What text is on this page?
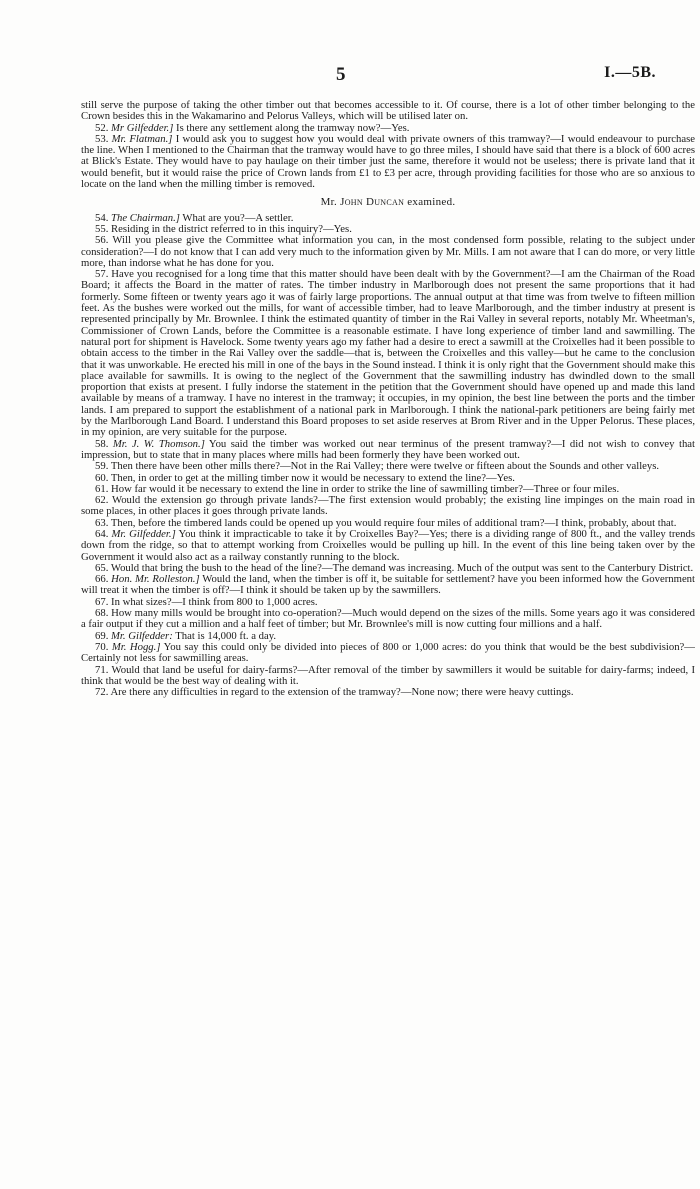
5	I.—5B.

still serve the purpose of taking the other timber out that becomes accessible to it. Of course, there is a lot of other timber belonging to the Crown besides this in the Wakamarino and Pelorus Valleys, which will be utilised later on.

52. Mr Gilfedder.] Is there any settlement along the tramway now?—Yes.

53. Mr. Flatman.] I would ask you to suggest how you would deal with private owners of this tramway?—I would endeavour to purchase the line. When I mentioned to the Chairman that the tramway would have to go three miles, I should have said that there is a block of 600 acres at Blick's Estate. They would have to pay haulage on their timber just the same, therefore it would not be useless; there is private land that it would benefit, but it would raise the price of Crown lands from £1 to £3 per acre, through providing facilities for those who are so anxious to locate on the land when the milling timber is removed.

Mr. John Duncan examined.

54. The Chairman.] What are you?—A settler.

55. Residing in the district referred to in this inquiry?—Yes.

56. Will you please give the Committee what information you can, in the most condensed form possible, relating to the subject under consideration?—I do not know that I can add very much to the information given by Mr. Mills. I am not aware that I can do more, or very little more, than indorse what he has done for you.

57. Have you recognised for a long time that this matter should have been dealt with by the Government?—I am the Chairman of the Road Board; it affects the Board in the matter of rates. The timber industry in Marlborough does not present the same proportions that it had formerly. Some fifteen or twenty years ago it was of fairly large proportions. The annual output at that time was from twelve to fifteen million feet. As the bushes were worked out the mills, for want of accessible timber, had to leave Marlborough, and the timber industry at present is represented principally by Mr. Brownlee. I think the estimated quantity of timber in the Rai Valley in several reports, notably Mr. Wheetman's, Commissioner of Crown Lands, before the Committee is a reasonable estimate. I have long experience of timber land and sawmilling. The natural port for shipment is Havelock. Some twenty years ago my father had a desire to erect a sawmill at the Croixelles had it been possible to obtain access to the timber in the Rai Valley over the saddle—that is, between the Croixelles and this valley—but he came to the conclusion that it was unworkable. He erected his mill in one of the bays in the Sound instead. I think it is only right that the Government should make this place available for sawmills. It is owing to the neglect of the Government that the sawmilling industry has dwindled down to the small proportion that exists at present. I fully indorse the statement in the petition that the Government should have opened up and made this land available by means of a tramway. I have no interest in the tramway; it occupies, in my opinion, the best line between the ports and the timber lands. I am prepared to support the establishment of a national park in Marlborough. I think the national-park petitioners are being fairly met by the Marlborough Land Board. I understand this Board proposes to set aside reserves at Brom River and in the Upper Pelorus. These places, in my opinion, are very suitable for the purpose.

58. Mr. J. W. Thomson.] You said the timber was worked out near terminus of the present tramway?—I did not wish to convey that impression, but to state that in many places where mills had been formerly they have been worked out.

59. Then there have been other mills there?—Not in the Rai Valley; there were twelve or fifteen about the Sounds and other valleys.

60. Then, in order to get at the milling timber now it would be necessary to extend the line?—Yes.

61. How far would it be necessary to extend the line in order to strike the line of sawmilling timber?—Three or four miles.

62. Would the extension go through private lands?—The first extension would probably; the existing line impinges on the main road in some places, in other places it goes through private lands.

63. Then, before the timbered lands could be opened up you would require four miles of additional tram?—I think, probably, about that.

64. Mr. Gilfedder.] You think it impracticable to take it by Croixelles Bay?—Yes; there is a dividing range of 800 ft., and the valley trends down from the ridge, so that to attempt working from Croixelles would be pulling up hill. In the event of this line being taken over by the Government it would also act as a railway constantly running to the block.

65. Would that bring the bush to the head of the line?—The demand was increasing. Much of the output was sent to the Canterbury District.

66. Hon. Mr. Rolleston.] Would the land, when the timber is off it, be suitable for settlement? have you been informed how the Government will treat it when the timber is off?—I think it should be taken up by the sawmillers.

67. In what sizes?—I think from 800 to 1,000 acres.

68. How many mills would be brought into co-operation?—Much would depend on the sizes of the mills. Some years ago it was considered a fair output if they cut a million and a half feet of timber; but Mr. Brownlee's mill is now cutting four millions and a half.

69. Mr. Gilfedder: That is 14,000 ft. a day.

70. Mr. Hogg.] You say this could only be divided into pieces of 800 or 1,000 acres: do you think that would be the best subdivision?—Certainly not less for sawmilling areas.

71. Would that land be useful for dairy-farms?—After removal of the timber by sawmillers it would be suitable for dairy-farms; indeed, I think that would be the best way of dealing with it.

72. Are there any difficulties in regard to the extension of the tramway?—None now; there were heavy cuttings.
